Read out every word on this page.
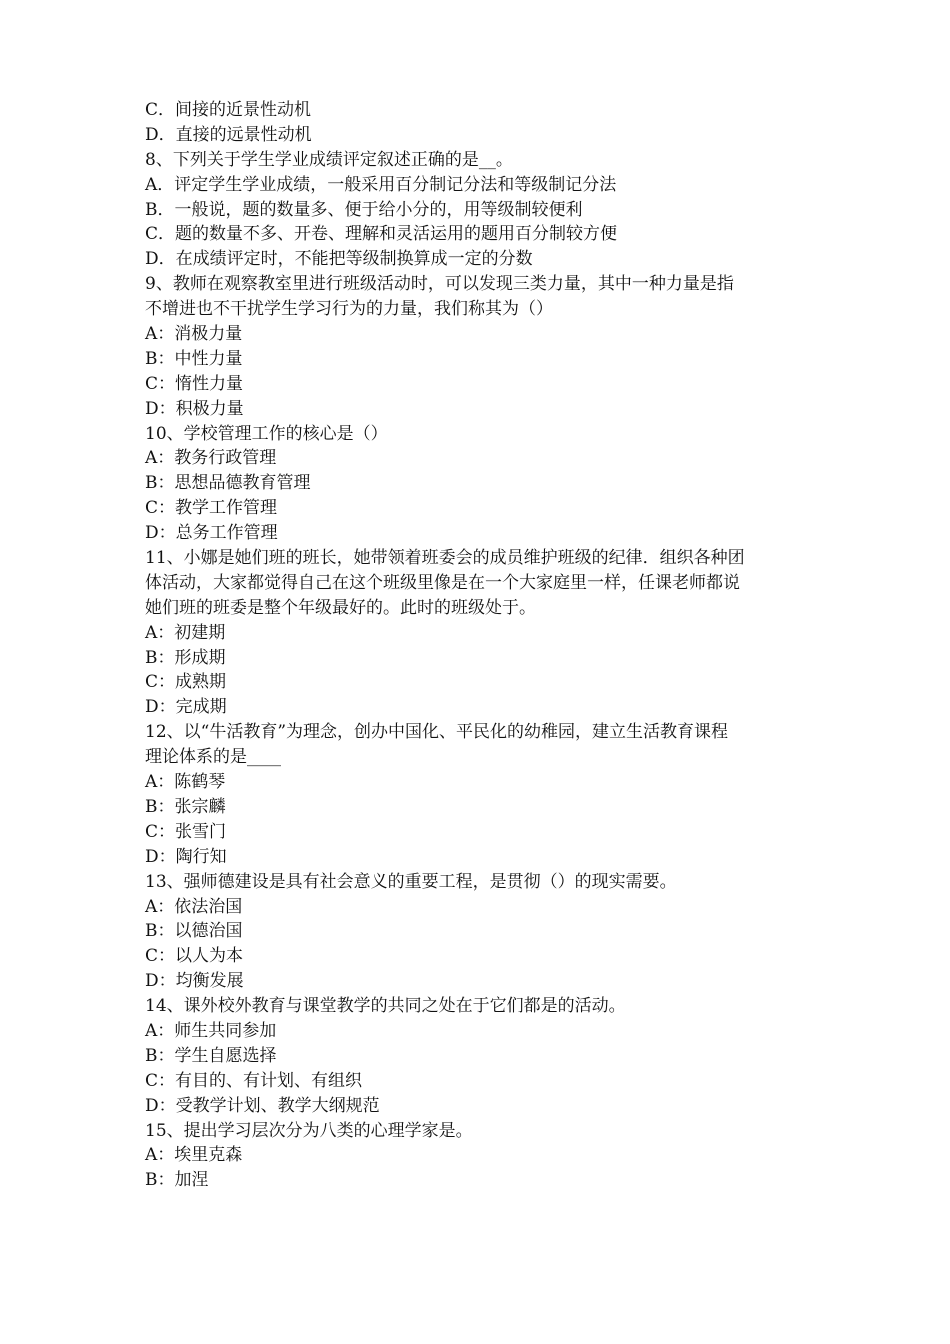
C．间接的近景性动机
D．直接的远景性动机
8、下列关于学生学业成绩评定叙述正确的是__。
A．评定学生学业成绩，一般采用百分制记分法和等级制记分法
B．一般说，题的数量多、便于给小分的，用等级制较便利
C．题的数量不多、开卷、理解和灵活运用的题用百分制较方便
D．在成绩评定时，不能把等级制换算成一定的分数
9、教师在观察教室里进行班级活动时，可以发现三类力量，其中一种力量是指
不增进也不干扰学生学习行为的力量，我们称其为（）
A：消极力量
B：中性力量
C：惰性力量
D：积极力量
10、学校管理工作的核心是（）
A：教务行政管理
B：思想品德教育管理
C：教学工作管理
D：总务工作管理
11、小娜是她们班的班长，她带领着班委会的成员维护班级的纪律．组织各种团
体活动，大家都觉得自己在这个班级里像是在一个大家庭里一样，任课老师都说
她们班的班委是整个年级最好的。此时的班级处于。
A：初建期
B：形成期
C：成熟期
D：完成期
12、以“牛活教育”为理念，创办中国化、平民化的幼稚园，建立生活教育课程
理论体系的是____
A：陈鹤琴
B：张宗麟
C：张雪门
D：陶行知
13、强师德建设是具有社会意义的重要工程，是贯彻（）的现实需要。
A：依法治国
B：以德治国
C：以人为本
D：均衡发展
14、课外校外教育与课堂教学的共同之处在于它们都是的活动。
A：师生共同参加
B：学生自愿选择
C：有目的、有计划、有组织
D：受教学计划、教学大纲规范
15、提出学习层次分为八类的心理学家是。
A：埃里克森
B：加涅
